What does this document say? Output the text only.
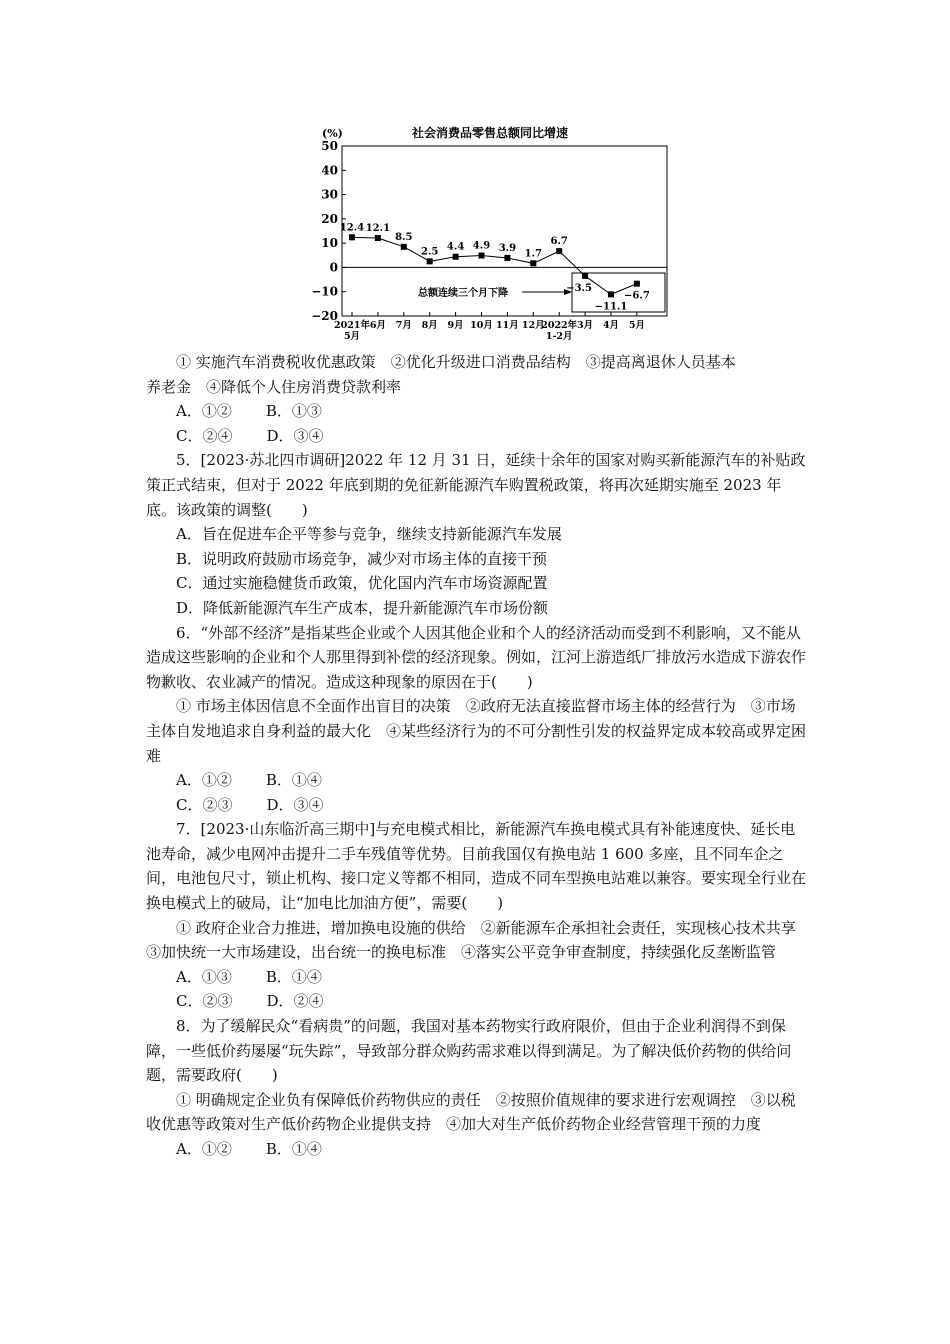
(%)	社会消费品零售总额同比增速
50
40
30
20
10
0
−10
−20
2021年
5月
6月 7月 8月 9月 10月 11月 12月
2022年
1-2月
3月 4月 5月
总额连续三个月下降
12.4 12.1
8.5
2.5 4.4 4.9 3.9 1.7
6.7
−3.5
−11.1
−6.7

① 实施汽车消费税收优惠政策　②优化升级进口消费品结构　③提高离退休人员基本

养老金　④降低个人住房消费贷款利率

A．①② B．①③

C．②④ D．③④

5．[2023·苏北四市调研]2022 年 12 月 31 日，延续十余年的国家对购买新能源汽车的补贴政策正式结束，但对于 2022 年底到期的免征新能源汽车购置税政策，将再次延期实施至 2023 年底。该政策的调整(　　)

A．旨在促进车企平等参与竞争，继续支持新能源汽车发展

B．说明政府鼓励市场竞争，减少对市场主体的直接干预

C．通过实施稳健货币政策，优化国内汽车市场资源配置

D．降低新能源汽车生产成本，提升新能源汽车市场份额

6．“外部不经济”是指某些企业或个人因其他企业和个人的经济活动而受到不利影响，又不能从造成这些影响的企业和个人那里得到补偿的经济现象。例如，江河上游造纸厂排放污水造成下游农作物歉收、农业减产的情况。造成这种现象的原因在于(　　)

① 市场主体因信息不全面作出盲目的决策　②政府无法直接监督市场主体的经营行为　③市场主体自发地追求自身利益的最大化　④某些经济行为的不可分割性引发的权益界定成本较高或界定困难

A．①② B．①④

C．②③ D．③④

7．[2023·山东临沂高三期中]与充电模式相比，新能源汽车换电模式具有补能速度快、延长电池寿命，减少电网冲击提升二手车残值等优势。目前我国仅有换电站 1 600 多座，且不同车企之间，电池包尺寸，锁止机构、接口定义等都不相同，造成不同车型换电站难以兼容。要实现全行业在换电模式上的破局，让“加电比加油方便”，需要(　　)

① 政府企业合力推进，增加换电设施的供给　②新能源车企承担社会责任，实现核心技术共享　③加快统一大市场建设，出台统一的换电标准　④落实公平竞争审查制度，持续强化反垄断监管

A．①③ B．①④

C．②③ D．②④

8．为了缓解民众“看病贵”的问题，我国对基本药物实行政府限价，但由于企业利润得不到保障，一些低价药屡屡“玩失踪”，导致部分群众购药需求难以得到满足。为了解决低价药物的供给问题，需要政府(　　)

① 明确规定企业负有保障低价药物供应的责任　②按照价值规律的要求进行宏观调控　③以税收优惠等政策对生产低价药物企业提供支持　④加大对生产低价药物企业经营管理干预的力度

A．①② B．①④
